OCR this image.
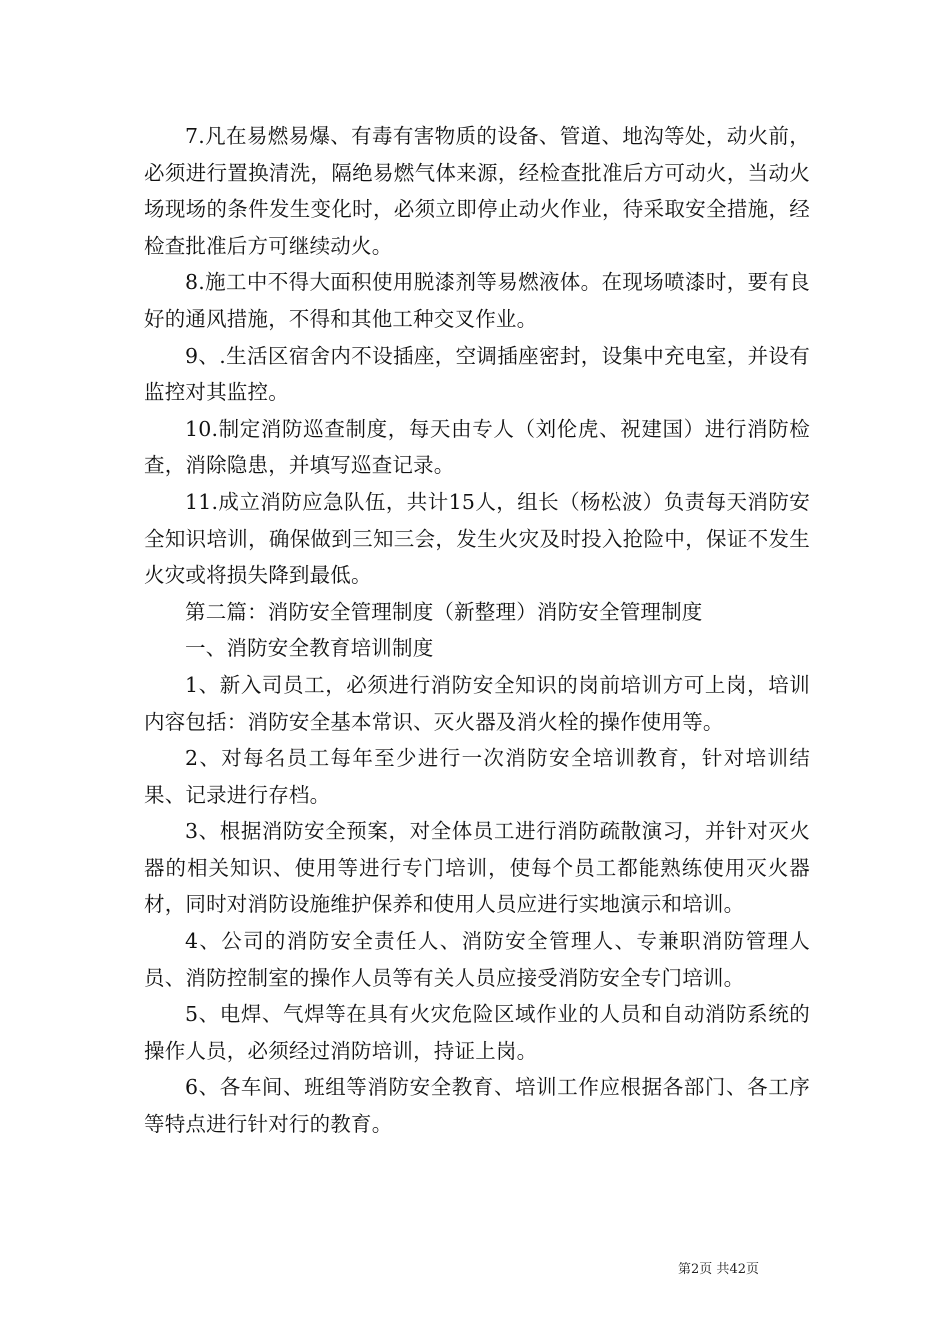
7.凡在易燃易爆、有毒有害物质的设备、管道、地沟等处，动火前，必须进行置换清洗，隔绝易燃气体来源，经检查批准后方可动火，当动火场现场的条件发生变化时，必须立即停止动火作业，待采取安全措施，经检查批准后方可继续动火。

8.施工中不得大面积使用脱漆剂等易燃液体。在现场喷漆时，要有良好的通风措施，不得和其他工种交叉作业。

9、.生活区宿舍内不设插座，空调插座密封，设集中充电室，并设有监控对其监控。

10.制定消防巡查制度，每天由专人（刘伦虎、祝建国）进行消防检查，消除隐患，并填写巡查记录。

11.成立消防应急队伍，共计15人，组长（杨松波）负责每天消防安全知识培训，确保做到三知三会，发生火灾及时投入抢险中，保证不发生火灾或将损失降到最低。

第二篇：消防安全管理制度（新整理）消防安全管理制度

一、消防安全教育培训制度

1、新入司员工，必须进行消防安全知识的岗前培训方可上岗，培训内容包括：消防安全基本常识、灭火器及消火栓的操作使用等。

2、对每名员工每年至少进行一次消防安全培训教育，针对培训结果、记录进行存档。

3、根据消防安全预案，对全体员工进行消防疏散演习，并针对灭火器的相关知识、使用等进行专门培训，使每个员工都能熟练使用灭火器材，同时对消防设施维护保养和使用人员应进行实地演示和培训。

4、公司的消防安全责任人、消防安全管理人、专兼职消防管理人员、消防控制室的操作人员等有关人员应接受消防安全专门培训。

5、电焊、气焊等在具有火灾危险区域作业的人员和自动消防系统的操作人员，必须经过消防培训，持证上岗。

6、各车间、班组等消防安全教育、培训工作应根据各部门、各工序等特点进行针对行的教育。

第2页 共42页
